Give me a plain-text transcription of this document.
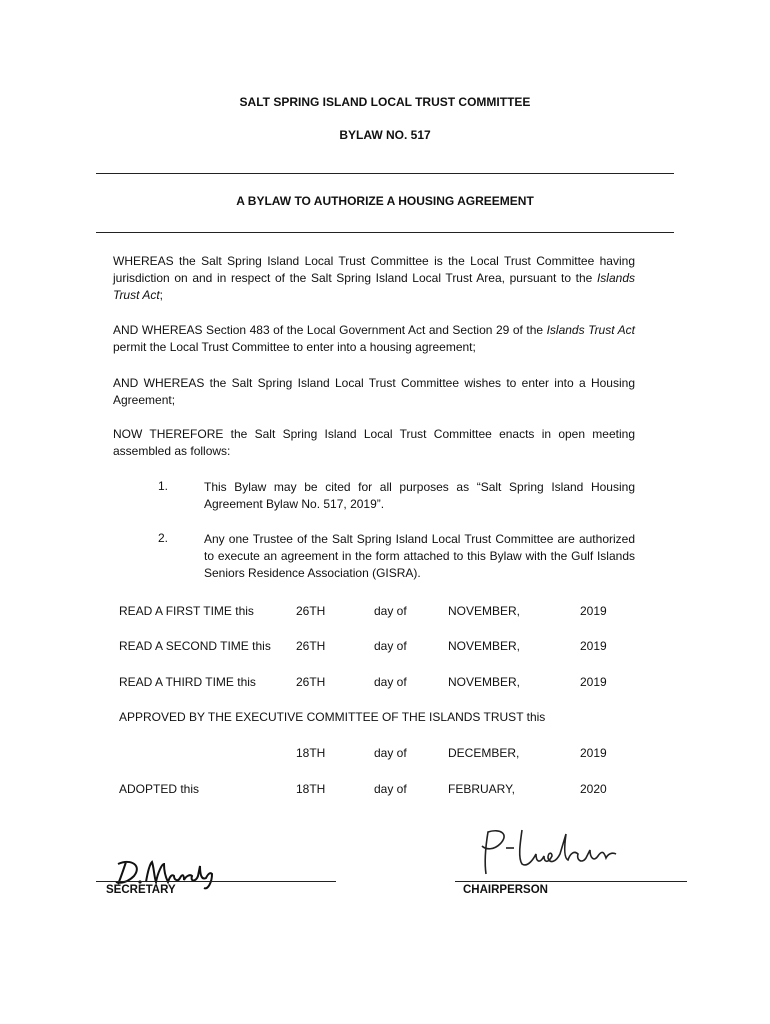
SALT SPRING ISLAND LOCAL TRUST COMMITTEE
BYLAW NO. 517
A BYLAW TO AUTHORIZE A HOUSING AGREEMENT
WHEREAS the Salt Spring Island Local Trust Committee is the Local Trust Committee having jurisdiction on and in respect of the Salt Spring Island Local Trust Area, pursuant to the Islands Trust Act;
AND WHEREAS Section 483 of the Local Government Act and Section 29 of the Islands Trust Act permit the Local Trust Committee to enter into a housing agreement;
AND WHEREAS the Salt Spring Island Local Trust Committee wishes to enter into a Housing Agreement;
NOW THEREFORE the Salt Spring Island Local Trust Committee enacts in open meeting assembled as follows:
1.	This Bylaw may be cited for all purposes as “Salt Spring Island Housing Agreement Bylaw No. 517, 2019”.
2.	Any one Trustee of the Salt Spring Island Local Trust Committee are authorized to execute an agreement in the form attached to this Bylaw with the Gulf Islands Seniors Residence Association (GISRA).
READ A FIRST TIME this	26TH	day of	NOVEMBER,	2019
READ A SECOND TIME this 26TH	day of	NOVEMBER,	2019
READ A THIRD TIME this	26TH	day of	NOVEMBER,	2019
APPROVED BY THE EXECUTIVE COMMITTEE OF THE ISLANDS TRUST this
18TH	day of	DECEMBER,	2019
ADOPTED this	18TH	day of	FEBRUARY,	2020
SECRETARY	CHAIRPERSON
